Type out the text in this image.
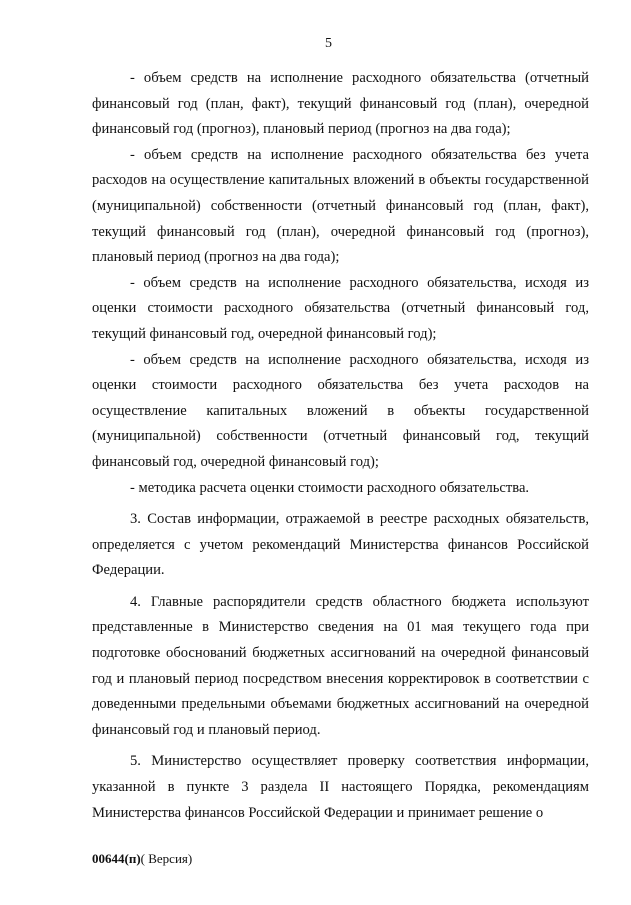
5

- объем средств на исполнение расходного обязательства (отчетный финансовый год (план, факт), текущий финансовый год (план), очередной финансовый год (прогноз), плановый период (прогноз на два года);

- объем средств на исполнение расходного обязательства без учета расходов на осуществление капитальных вложений в объекты государственной (муниципальной) собственности (отчетный финансовый год (план, факт), текущий финансовый год (план), очередной финансовый год (прогноз), плановый период (прогноз на два года);

- объем средств на исполнение расходного обязательства, исходя из оценки стоимости расходного обязательства (отчетный финансовый год, текущий финансовый год, очередной финансовый год);

- объем средств на исполнение расходного обязательства, исходя из оценки стоимости расходного обязательства без учета расходов на осуществление капитальных вложений в объекты государственной (муниципальной) собственности (отчетный финансовый год, текущий финансовый год, очередной финансовый год);

- методика расчета оценки стоимости расходного обязательства.

3. Состав информации, отражаемой в реестре расходных обязательств, определяется с учетом рекомендаций Министерства финансов Российской Федерации.

4. Главные распорядители средств областного бюджета используют представленные в Министерство сведения на 01 мая текущего года при подготовке обоснований бюджетных ассигнований на очередной финансовый год и плановый период посредством внесения корректировок в соответствии с доведенными предельными объемами бюджетных ассигнований на очередной финансовый год и плановый период.

5. Министерство осуществляет проверку соответствия информации, указанной в пункте 3 раздела II настоящего Порядка, рекомендациям Министерства финансов Российской Федерации и принимает решение о

00644(п)( Версия)
